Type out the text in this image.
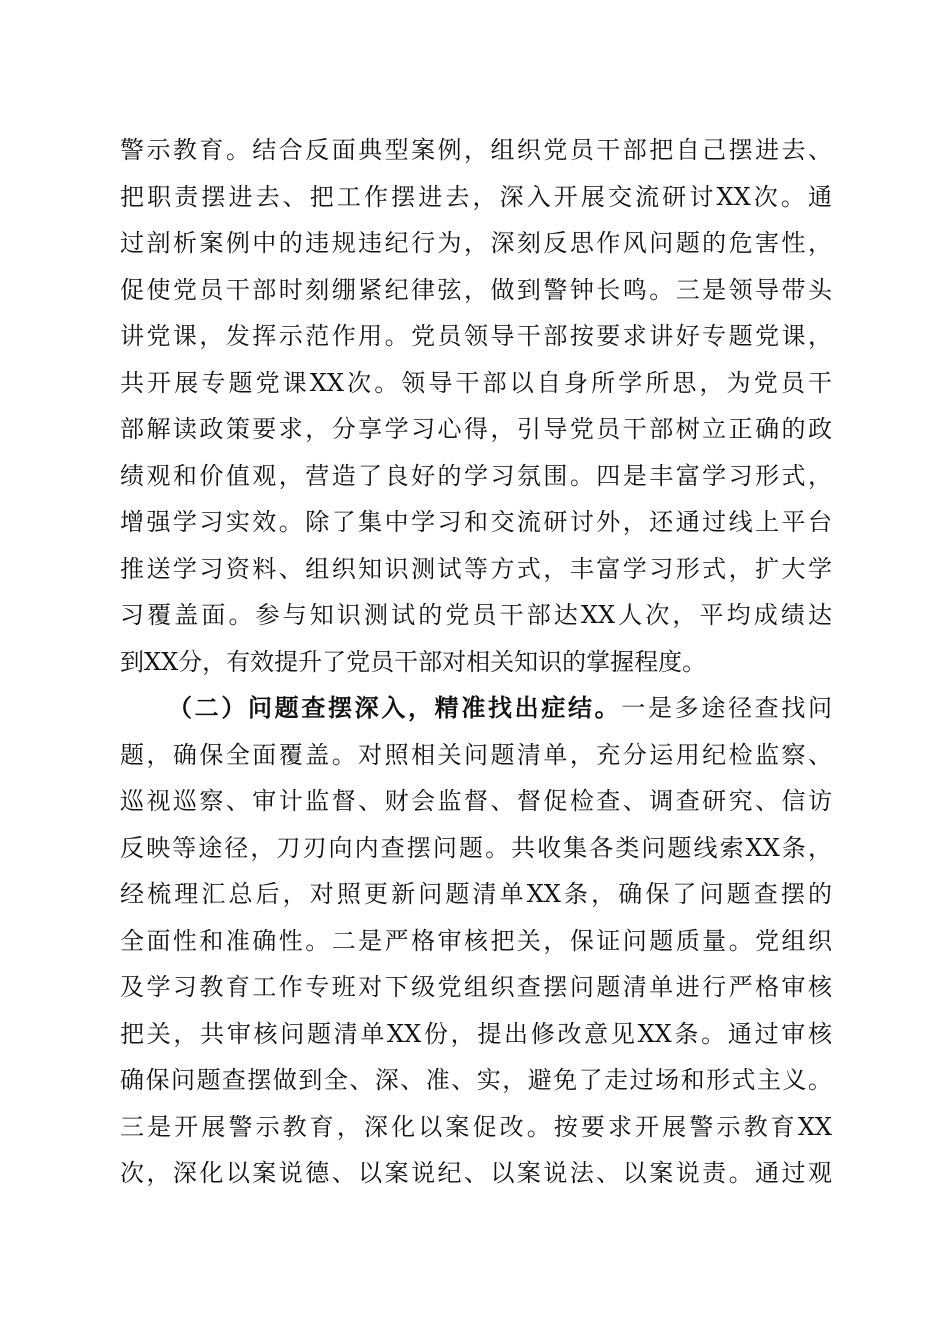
警示教育。结合反面典型案例，组织党员干部把自己摆进去、
把职责摆进去、把工作摆进去，深入开展交流研讨XX次。通
过剖析案例中的违规违纪行为，深刻反思作风问题的危害性，
促使党员干部时刻绷紧纪律弦，做到警钟长鸣。三是领导带头
讲党课，发挥示范作用。党员领导干部按要求讲好专题党课，
共开展专题党课XX次。领导干部以自身所学所思，为党员干
部解读政策要求，分享学习心得，引导党员干部树立正确的政
绩观和价值观，营造了良好的学习氛围。四是丰富学习形式，
增强学习实效。除了集中学习和交流研讨外，还通过线上平台
推送学习资料、组织知识测试等方式，丰富学习形式，扩大学
习覆盖面。参与知识测试的党员干部达XX人次，平均成绩达
到XX分，有效提升了党员干部对相关知识的掌握程度。
（二）问题查摆深入，精准找出症结。一是多途径查找问
题，确保全面覆盖。对照相关问题清单，充分运用纪检监察、
巡视巡察、审计监督、财会监督、督促检查、调查研究、信访
反映等途径，刀刃向内查摆问题。共收集各类问题线索XX条，
经梳理汇总后，对照更新问题清单XX条，确保了问题查摆的
全面性和准确性。二是严格审核把关，保证问题质量。党组织
及学习教育工作专班对下级党组织查摆问题清单进行严格审核
把关，共审核问题清单XX份，提出修改意见XX条。通过审核
确保问题查摆做到全、深、准、实，避免了走过场和形式主义。
三是开展警示教育，深化以案促改。按要求开展警示教育XX
次，深化以案说德、以案说纪、以案说法、以案说责。通过观
